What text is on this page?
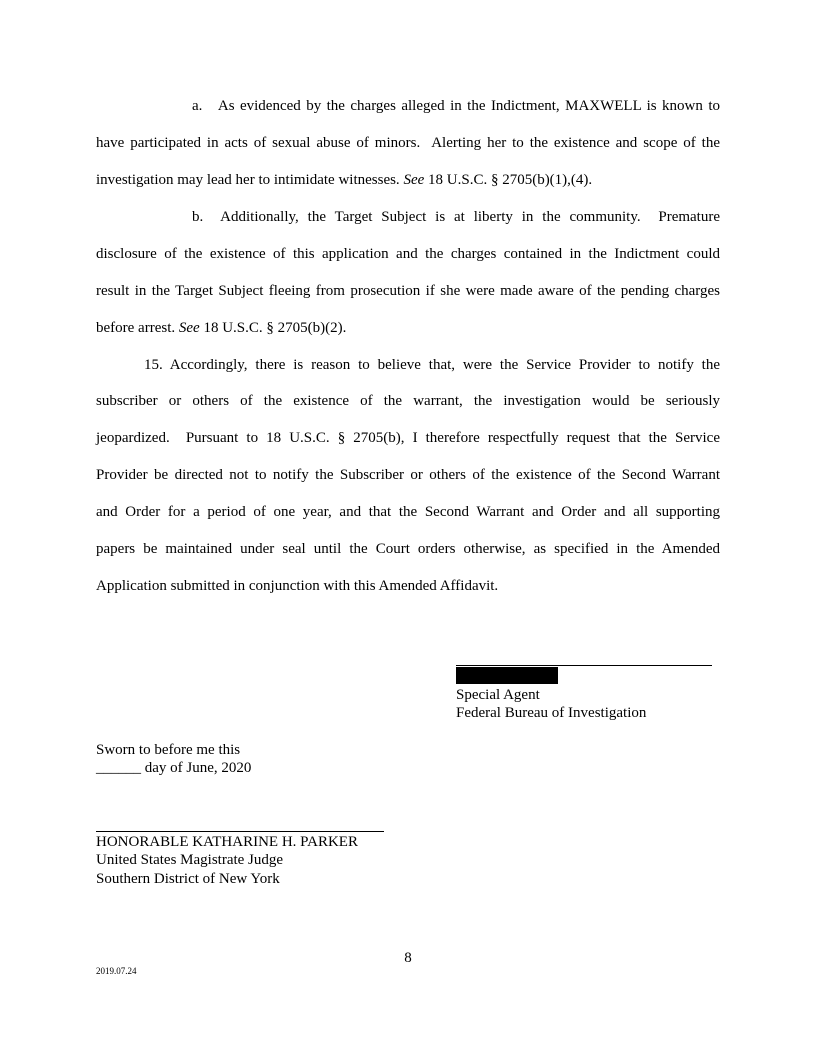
a.   As evidenced by the charges alleged in the Indictment, MAXWELL is known to
have participated in acts of sexual abuse of minors.  Alerting her to the existence and scope of the
investigation may lead her to intimidate witnesses. See 18 U.S.C. § 2705(b)(1),(4).
b.  Additionally, the Target Subject is at liberty in the community.  Premature
disclosure of the existence of this application and the charges contained in the Indictment could
result in the Target Subject fleeing from prosecution if she were made aware of the pending charges
before arrest. See 18 U.S.C. § 2705(b)(2).
15. Accordingly, there is reason to believe that, were the Service Provider to notify the
subscriber or others of the existence of the warrant, the investigation would be seriously
jeopardized.  Pursuant to 18 U.S.C. § 2705(b), I therefore respectfully request that the Service
Provider be directed not to notify the Subscriber or others of the existence of the Second Warrant
and Order for a period of one year, and that the Second Warrant and Order and all supporting
papers be maintained under seal until the Court orders otherwise, as specified in the Amended
Application submitted in conjunction with this Amended Affidavit.
Special Agent
Federal Bureau of Investigation
Sworn to before me this
______ day of June, 2020
HONORABLE KATHARINE H. PARKER
United States Magistrate Judge
Southern District of New York
8
2019.07.24
